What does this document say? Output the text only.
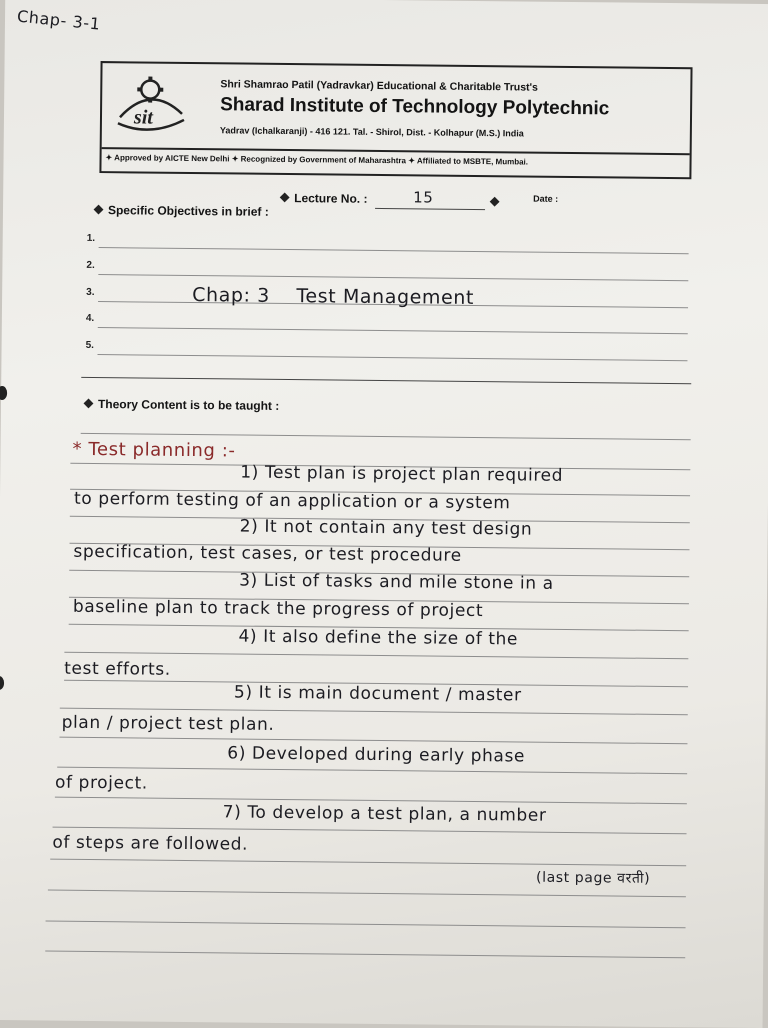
Chap- 3-1
sit
Shri Shamrao Patil (Yadravkar) Educational & Charitable Trust's
Sharad Institute of Technology Polytechnic
Yadrav (Ichalkaranji) - 416 121. Tal. - Shirol, Dist. - Kolhapur (M.S.) India
✦ Approved by AICTE New Delhi ✦ Recognized by Government of Maharashtra ✦ Affiliated to MSBTE, Mumbai.
Lecture No. :	15	Date :
Specific Objectives in brief :
1.
2.
3.
4.
5.
Chap: 3    Test Management
Theory Content is to be taught :
* Test planning :-
1) Test plan is project plan required
to perform testing of an application or a system
2) It not contain any test design
specification, test cases, or test procedure
3) List of tasks and mile stone in a
baseline plan to track the progress of project
4) It also define the size of the
test efforts.
5) It is main document / master
plan / project test plan.
6) Developed during early phase
of project.
7) To develop a test plan, a number
of steps are followed.
(last page वरती)
